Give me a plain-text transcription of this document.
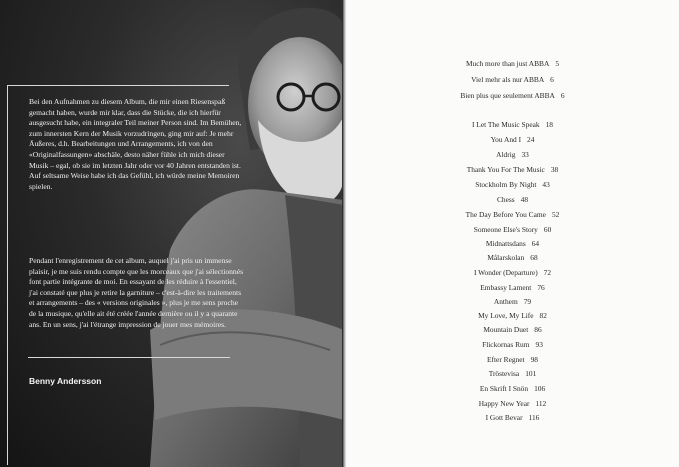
Bei den Aufnahmen zu diesem Album, die mir einen Riesenspaß gemacht haben, wurde mir klar, dass die Stücke, die ich hierfür ausgesucht habe, ein integraler Teil meiner Person sind. Im Bemühen, zum innersten Kern der Musik vorzudringen, ging mir auf: Je mehr Äußeres, d.h. Bearbeitungen und Arrangements, ich von den «Originalfassungen» abschäle, desto näher fühle ich mich dieser Musik – egal, ob sie im letzten Jahr oder vor 40 Jahren entstanden ist. Auf seltsame Weise habe ich das Gefühl, ich würde meine Memoiren spielen.

Pendant l'enregistrement de cet album, auquel j'ai pris un immense plaisir, je me suis rendu compte que les morceaux que j'ai sélectionnés font partie intégrante de moi. En essayant de les réduire à l'essentiel, j'ai constaté que plus je retire la garniture – c'est-à-dire les traitements et arrangements – des « versions originales », plus je me sens proche de la musique, qu'elle ait été créée l'année dernière ou il y a quarante ans. En un sens, j'ai l'étrange impression de jouer mes mémoires.

Benny Andersson
Much more than just ABBA 5
Viel mehr als nur ABBA 6
Bien plus que seulement ABBA 6
I Let The Music Speak 18
You And I 24
Aldrig 33
Thank You For The Music 38
Stockholm By Night 43
Chess 48
The Day Before You Came 52
Someone Else's Story 60
Midnattsdans 64
Målarskolan 68
I Wonder (Departure) 72
Embassy Lament 76
Anthem 79
My Love, My Life 82
Mountain Duet 86
Flickornas Rum 93
Efter Regnet 98
Tröstevisa 101
En Skrift I Snön 106
Happy New Year 112
I Gott Bevar 116
